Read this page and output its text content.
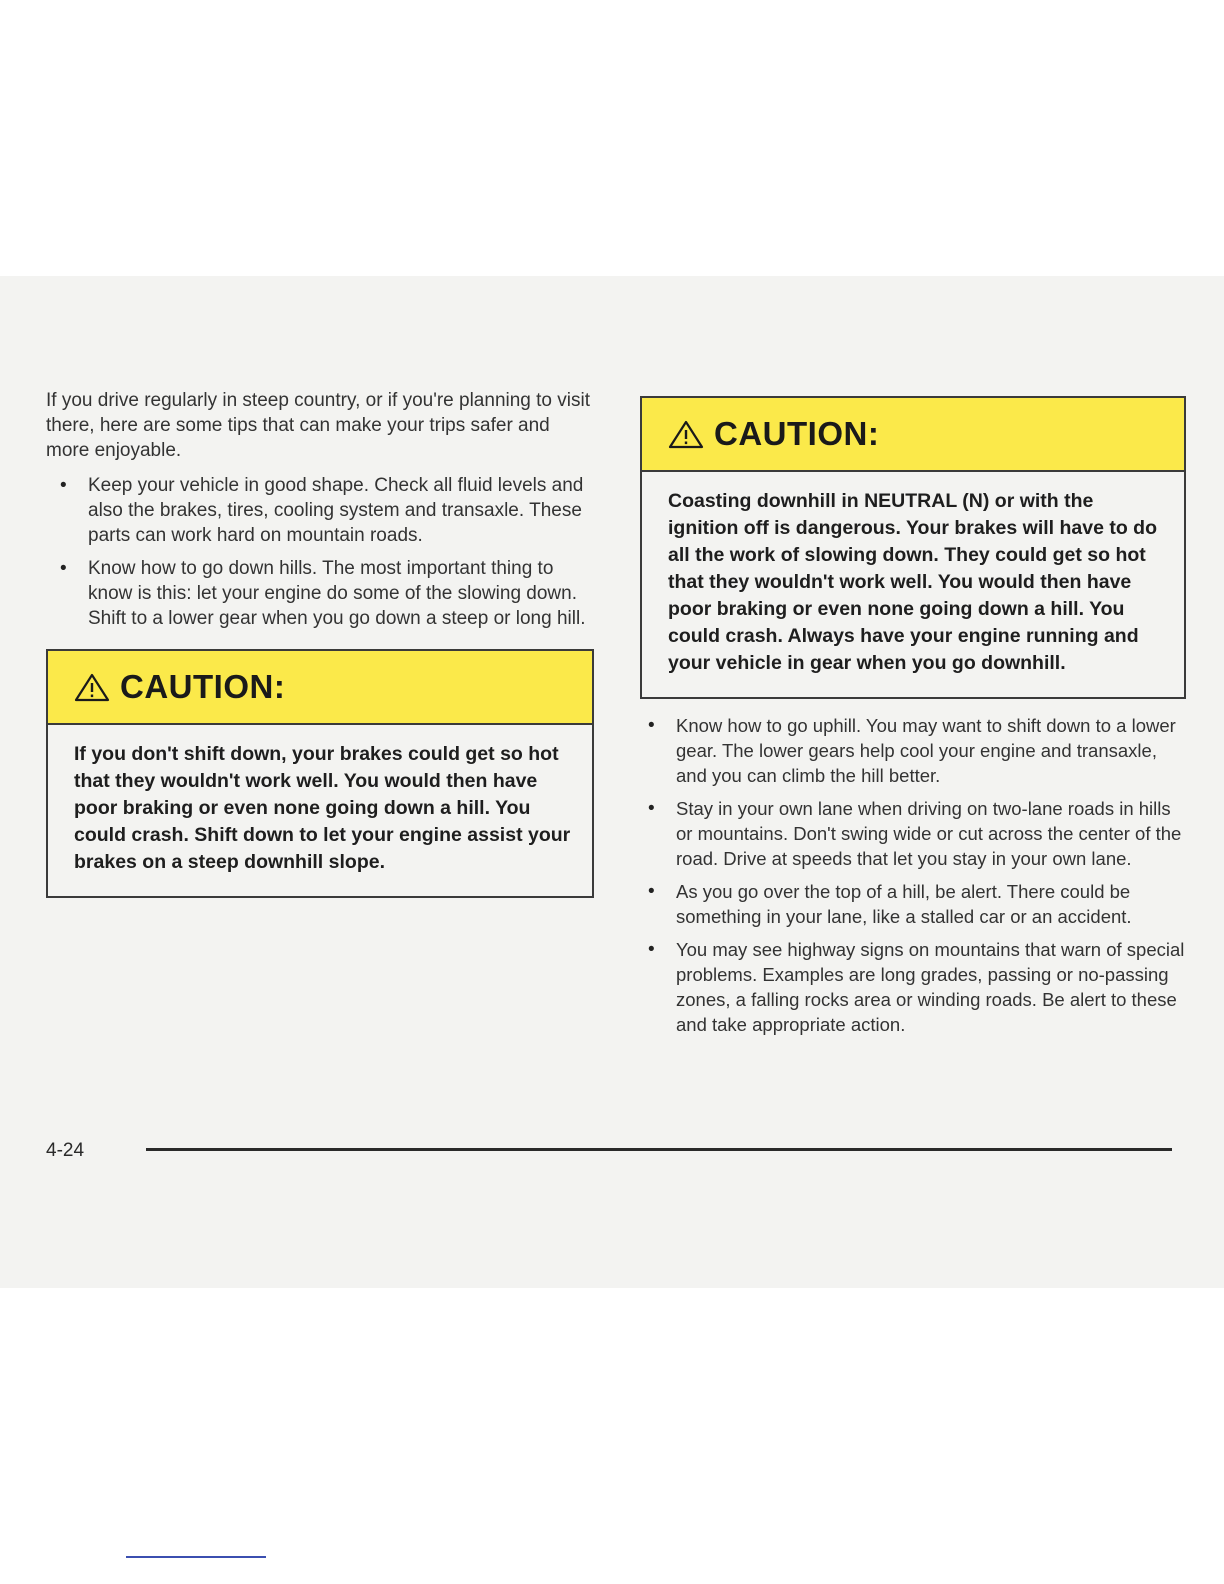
If you drive regularly in steep country, or if you're planning to visit there, here are some tips that can make your trips safer and more enjoyable.

• Keep your vehicle in good shape. Check all fluid levels and also the brakes, tires, cooling system and transaxle. These parts can work hard on mountain roads.
• Know how to go down hills. The most important thing to know is this: let your engine do some of the slowing down. Shift to a lower gear when you go down a steep or long hill.
CAUTION:
If you don't shift down, your brakes could get so hot that they wouldn't work well. You would then have poor braking or even none going down a hill. You could crash. Shift down to let your engine assist your brakes on a steep downhill slope.
CAUTION:
Coasting downhill in NEUTRAL (N) or with the ignition off is dangerous. Your brakes will have to do all the work of slowing down. They could get so hot that they wouldn't work well. You would then have poor braking or even none going down a hill. You could crash. Always have your engine running and your vehicle in gear when you go downhill.
• Know how to go uphill. You may want to shift down to a lower gear. The lower gears help cool your engine and transaxle, and you can climb the hill better.
• Stay in your own lane when driving on two-lane roads in hills or mountains. Don't swing wide or cut across the center of the road. Drive at speeds that let you stay in your own lane.
• As you go over the top of a hill, be alert. There could be something in your lane, like a stalled car or an accident.
• You may see highway signs on mountains that warn of special problems. Examples are long grades, passing or no-passing zones, a falling rocks area or winding roads. Be alert to these and take appropriate action.
4-24
